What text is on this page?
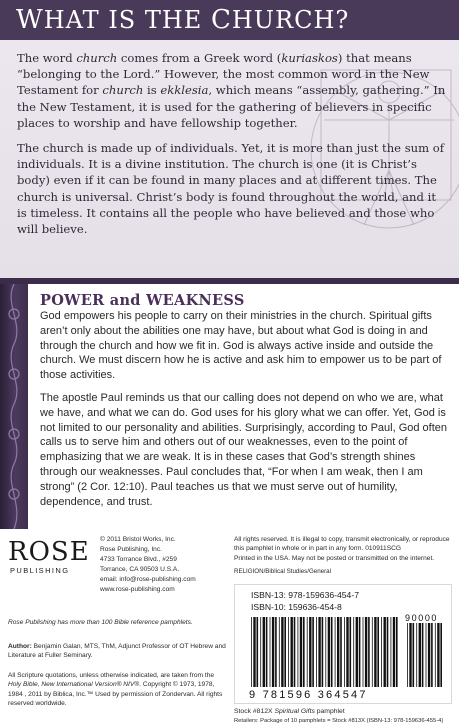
WHAT IS THE CHURCH?

The word church comes from a Greek word (kuriaskos) that means “belonging to the Lord.” However, the most common word in the New Testament for church is ekklesia, which means “assembly, gathering.” In the New Testament, it is used for the gathering of believers in specific places to worship and have fellowship together.

The church is made up of individuals. Yet, it is more than just the sum of individuals. It is a divine institution. The church is one (it is Christ’s body) even if it can be found in many places and at different times. The church is universal. Christ’s body is found throughout the world, and it is timeless. It contains all the people who have believed and those who will believe.

POWER and WEAKNESS

God empowers his people to carry on their ministries in the church. Spiritual gifts aren’t only about the abilities one may have, but about what God is doing in and through the church and how we fit in. God is always active inside and outside the church. We must discern how he is active and ask him to empower us to be part of those activities.

The apostle Paul reminds us that our calling does not depend on who we are, what we have, and what we can do. God uses for his glory what we can offer. Yet, God is not limited to our personality and abilities. Surprisingly, according to Paul, God often calls us to serve him and others out of our weaknesses, even to the point of emphasizing that we are weak. It is in these cases that God’s strength shines through our weaknesses. Paul concludes that, “For when I am weak, then I am strong” (2 Cor. 12:10). Paul teaches us that we must serve out of humility, dependence, and trust.

ROSE
PUBLISHING
© 2011 Bristol Works, Inc.
Rose Publishing, Inc.
4733 Torrance Blvd., #259
Torrance, CA 90503 U.S.A.
email: info@rose-publishing.com
www.rose-publishing.com
Rose Publishing has more than 100 Bible reference pamphlets.
Author: Benjamin Galan, MTS, ThM, Adjunct Professor of OT Hebrew and Literature at Fuller Seminary.
All Scripture quotations, unless otherwise indicated, are taken from the Holy Bible, New International Version® NIV®. Copyright © 1973, 1978, 1984 , 2011 by Biblica, Inc.™ Used by permission of Zondervan. All rights reserved worldwide.
All rights reserved. It is illegal to copy, transmit electronically, or reproduce this pamphlet in whole or in part in any form. 010911SCG
Printed in the USA. May not be posted or transmitted on the internet.
RELIGION/Biblical Studies/General
ISBN-13: 978-159636-454-7
ISBN-10: 159636-454-8
90000
9 781596 364547
Stock #812X Spiritual Gifts pamphlet
Retailers: Package of 10 pamphlets = Stock #813X (ISBN-13: 978-159636-455-4)
